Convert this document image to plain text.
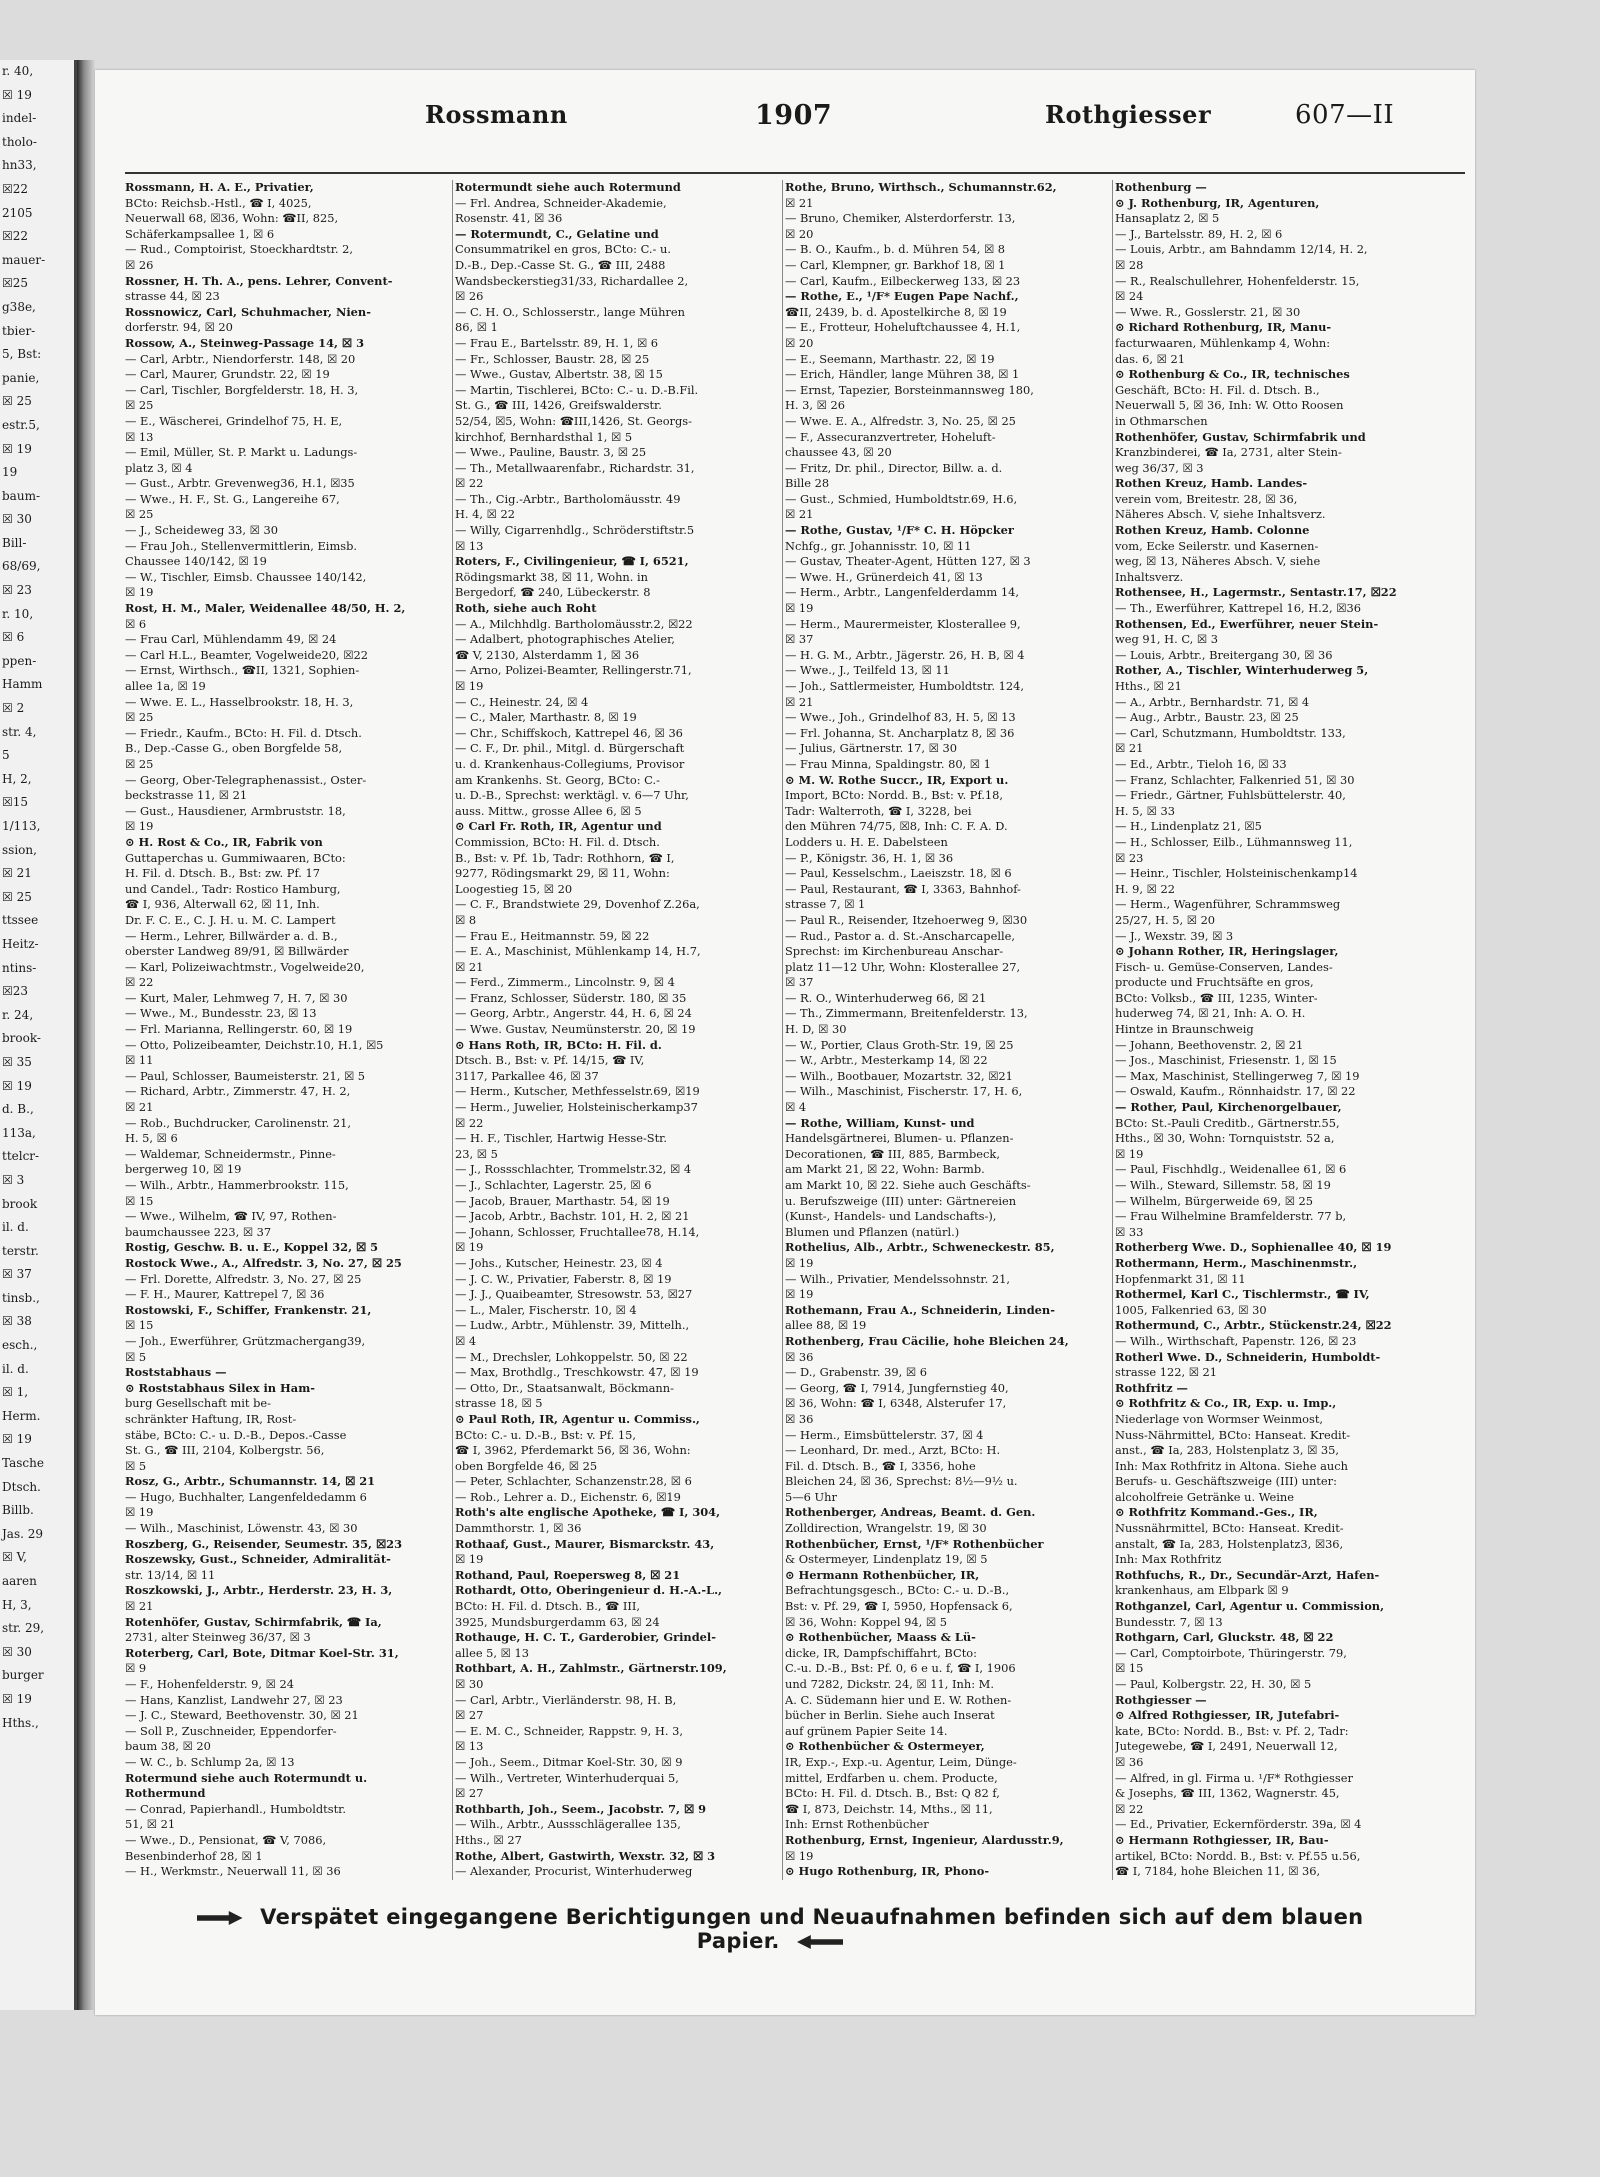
r. 40,
☒ 19
indel-
tholo-
hn33,
☒22
2105
☒22
mauer-
☒25
g38e,
tbier-
5, Bst:
panie,
☒ 25
estr.5,
☒ 19
19
baum-
☒ 30
Bill-
68/69,
☒ 23
r. 10,
☒ 6
ppen-
Hamm
☒ 2
str. 4,
5
H, 2,
☒15
1/113,
ssion,
☒ 21
☒ 25
ttssee
Heitz-
ntins-
☒23
r. 24,
brook-
☒ 35
☒ 19
d. B.,
113a,
ttelcr-
☒ 3
brook
il. d.
terstr.
☒ 37
tinsb.,
☒ 38
esch.,
il. d.
☒ 1,
Herm.
☒ 19
Tasche
Dtsch.
Billb.
Jas. 29
☒ V,
aaren
H, 3,
str. 29,
☒ 30
burger
☒ 19
Hths.,
Rossmann	1907	Rothgiesser	607—II
Rossmann, H. A. E., Privatier,
BCto: Reichsb.-Hstl., ☎ I, 4025,
Neuerwall 68, ☒36, Wohn: ☎II, 825,
Schäferkampsallee 1, ☒ 6
— Rud., Comptoirist, Stoeckhardtstr. 2,
☒ 26
Rossner, H. Th. A., pens. Lehrer, Convent-
strasse 44, ☒ 23
Rossnowicz, Carl, Schuhmacher, Nien-
dorferstr. 94, ☒ 20
Rossow, A., Steinweg-Passage 14, ☒ 3
— Carl, Arbtr., Niendorferstr. 148, ☒ 20
— Carl, Maurer, Grundstr. 22, ☒ 19
— Carl, Tischler, Borgfelderstr. 18, H. 3,
☒ 25
— E., Wäscherei, Grindelhof 75, H. E,
☒ 13
— Emil, Müller, St. P. Markt u. Ladungs-
platz 3, ☒ 4
— Gust., Arbtr. Grevenweg36, H.1, ☒35
— Wwe., H. F., St. G., Langereihe 67,
☒ 25
— J., Scheideweg 33, ☒ 30
— Frau Joh., Stellenvermittlerin, Eimsb.
Chaussee 140/142, ☒ 19
— W., Tischler, Eimsb. Chaussee 140/142,
☒ 19
Rost, H. M., Maler, Weidenallee 48/50, H. 2,
☒ 6
— Frau Carl, Mühlendamm 49, ☒ 24
— Carl H.L., Beamter, Vogelweide20, ☒22
— Ernst, Wirthsch., ☎II, 1321, Sophien-
allee 1a, ☒ 19
— Wwe. E. L., Hasselbrookstr. 18, H. 3,
☒ 25
— Friedr., Kaufm., BCto: H. Fil. d. Dtsch.
B., Dep.-Casse G., oben Borgfelde 58,
☒ 25
— Georg, Ober-Telegraphenassist., Oster-
beckstrasse 11, ☒ 21
— Gust., Hausdiener, Armbruststr. 18,
☒ 19
⊙ H. Rost & Co., IR, Fabrik von
Guttaperchas u. Gummiwaaren, BCto:
H. Fil. d. Dtsch. B., Bst: zw. Pf. 17
und Candel., Tadr: Rostico Hamburg,
☎ I, 936, Alterwall 62, ☒ 11, Inh.
Dr. F. C. E., C. J. H. u. M. C. Lampert
— Herm., Lehrer, Billwärder a. d. B.,
oberster Landweg 89/91, ☒ Billwärder
— Karl, Polizeiwachtmstr., Vogelweide20,
☒ 22
— Kurt, Maler, Lehmweg 7, H. 7, ☒ 30
— Wwe., M., Bundesstr. 23, ☒ 13
— Frl. Marianna, Rellingerstr. 60, ☒ 19
— Otto, Polizeibeamter, Deichstr.10, H.1, ☒5
☒ 11
— Paul, Schlosser, Baumeisterstr. 21, ☒ 5
— Richard, Arbtr., Zimmerstr. 47, H. 2,
☒ 21
— Rob., Buchdrucker, Carolinenstr. 21,
H. 5, ☒ 6
— Waldemar, Schneidermstr., Pinne-
bergerweg 10, ☒ 19
— Wilh., Arbtr., Hammerbrookstr. 115,
☒ 15
— Wwe., Wilhelm, ☎ IV, 97, Rothen-
baumchaussee 223, ☒ 37
Rostig, Geschw. B. u. E., Koppel 32, ☒ 5
Rostock Wwe., A., Alfredstr. 3, No. 27, ☒ 25
— Frl. Dorette, Alfredstr. 3, No. 27, ☒ 25
— F. H., Maurer, Kattrepel 7, ☒ 36
Rostowski, F., Schiffer, Frankenstr. 21,
☒ 15
— Joh., Ewerführer, Grützmachergang39,
☒ 5
Roststabhaus —
⊙ Roststabhaus Silex in Ham-
burg Gesellschaft mit be-
schränkter Haftung, IR, Rost-
stäbe, BCto: C.- u. D.-B., Depos.-Casse
St. G., ☎ III, 2104, Kolbergstr. 56,
☒ 5
Rosz, G., Arbtr., Schumannstr. 14, ☒ 21
— Hugo, Buchhalter, Langenfeldedamm 6
☒ 19
— Wilh., Maschinist, Löwenstr. 43, ☒ 30
Roszberg, G., Reisender, Seumestr. 35, ☒23
Roszewsky, Gust., Schneider, Admiralität-
str. 13/14, ☒ 11
Roszkowski, J., Arbtr., Herderstr. 23, H. 3,
☒ 21
Rotenhöfer, Gustav, Schirmfabrik, ☎ Ia,
2731, alter Steinweg 36/37, ☒ 3
Roterberg, Carl, Bote, Ditmar Koel-Str. 31,
☒ 9
— F., Hohenfelderstr. 9, ☒ 24
— Hans, Kanzlist, Landwehr 27, ☒ 23
— J. C., Steward, Beethovenstr. 30, ☒ 21
— Soll P., Zuschneider, Eppendorfer-
baum 38, ☒ 20
— W. C., b. Schlump 2a, ☒ 13
Rotermund siehe auch Rotermundt u.
Rothermund
— Conrad, Papierhandl., Humboldtstr.
51, ☒ 21
— Wwe., D., Pensionat, ☎ V, 7086,
Besenbinderhof 28, ☒ 1
— H., Werkmstr., Neuerwall 11, ☒ 36
Rotermundt siehe auch Rotermund
— Frl. Andrea, Schneider-Akademie,
Rosenstr. 41, ☒ 36
— Rotermundt, C., Gelatine und
Consummatrikel en gros, BCto: C.- u.
D.-B., Dep.-Casse St. G., ☎ III, 2488
Wandsbeckerstieg31/33, Richardallee 2,
☒ 26
— C. H. O., Schlosserstr., lange Mühren
86, ☒ 1
— Frau E., Bartelsstr. 89, H. 1, ☒ 6
— Fr., Schlosser, Baustr. 28, ☒ 25
— Wwe., Gustav, Albertstr. 38, ☒ 15
— Martin, Tischlerei, BCto: C.- u. D.-B.Fil.
St. G., ☎ III, 1426, Greifswalderstr.
52/54, ☒5, Wohn: ☎III,1426, St. Georgs-
kirchhof, Bernhardsthal 1, ☒ 5
— Wwe., Pauline, Baustr. 3, ☒ 25
— Th., Metallwaarenfabr., Richardstr. 31,
☒ 22
— Th., Cig.-Arbtr., Bartholomäusstr. 49
H. 4, ☒ 22
— Willy, Cigarrenhdlg., Schröderstiftstr.5
☒ 13
Roters, F., Civilingenieur, ☎ I, 6521,
Rödingsmarkt 38, ☒ 11, Wohn. in
Bergedorf, ☎ 240, Lübeckerstr. 8
Roth, siehe auch Roht
— A., Milchhdlg. Bartholomäusstr.2, ☒22
— Adalbert, photographisches Atelier,
☎ V, 2130, Alsterdamm 1, ☒ 36
— Arno, Polizei-Beamter, Rellingerstr.71,
☒ 19
— C., Heinestr. 24, ☒ 4
— C., Maler, Marthastr. 8, ☒ 19
— Chr., Schiffskoch, Kattrepel 46, ☒ 36
— C. F., Dr. phil., Mitgl. d. Bürgerschaft
u. d. Krankenhaus-Collegiums, Provisor
am Krankenhs. St. Georg, BCto: C.-
u. D.-B., Sprechst: werktägl. v. 6—7 Uhr,
auss. Mittw., grosse Allee 6, ☒ 5
⊙ Carl Fr. Roth, IR, Agentur und
Commission, BCto: H. Fil. d. Dtsch.
B., Bst: v. Pf. 1b, Tadr: Rothhorn, ☎ I,
9277, Rödingsmarkt 29, ☒ 11, Wohn:
Loogestieg 15, ☒ 20
— C. F., Brandstwiete 29, Dovenhof Z.26a,
☒ 8
— Frau E., Heitmannstr. 59, ☒ 22
— E. A., Maschinist, Mühlenkamp 14, H.7,
☒ 21
— Ferd., Zimmerm., Lincolnstr. 9, ☒ 4
— Franz, Schlosser, Süderstr. 180, ☒ 35
— Georg, Arbtr., Angerstr. 44, H. 6, ☒ 24
— Wwe. Gustav, Neumünsterstr. 20, ☒ 19
⊙ Hans Roth, IR, BCto: H. Fil. d.
Dtsch. B., Bst: v. Pf. 14/15, ☎ IV,
3117, Parkallee 46, ☒ 37
— Herm., Kutscher, Methfesselstr.69, ☒19
— Herm., Juwelier, Holsteinischerkamp37
☒ 22
— H. F., Tischler, Hartwig Hesse-Str.
23, ☒ 5
— J., Rossschlachter, Trommelstr.32, ☒ 4
— J., Schlachter, Lagerstr. 25, ☒ 6
— Jacob, Brauer, Marthastr. 54, ☒ 19
— Jacob, Arbtr., Bachstr. 101, H. 2, ☒ 21
— Johann, Schlosser, Fruchtallee78, H.14,
☒ 19
— Johs., Kutscher, Heinestr. 23, ☒ 4
— J. C. W., Privatier, Faberstr. 8, ☒ 19
— J. J., Quaibeamter, Stresowstr. 53, ☒27
— L., Maler, Fischerstr. 10, ☒ 4
— Ludw., Arbtr., Mühlenstr. 39, Mittelh.,
☒ 4
— M., Drechsler, Lohkoppelstr. 50, ☒ 22
— Max, Brothdlg., Treschkowstr. 47, ☒ 19
— Otto, Dr., Staatsanwalt, Böckmann-
strasse 18, ☒ 5
⊙ Paul Roth, IR, Agentur u. Commiss.,
BCto: C.- u. D.-B., Bst: v. Pf. 15,
☎ I, 3962, Pferdemarkt 56, ☒ 36, Wohn:
oben Borgfelde 46, ☒ 25
— Peter, Schlachter, Schanzenstr.28, ☒ 6
— Rob., Lehrer a. D., Eichenstr. 6, ☒19
Roth's alte englische Apotheke, ☎ I, 304,
Dammthorstr. 1, ☒ 36
Rothaaf, Gust., Maurer, Bismarckstr. 43,
☒ 19
Rothand, Paul, Roepersweg 8, ☒ 21
Rothardt, Otto, Oberingenieur d. H.-A.-L.,
BCto: H. Fil. d. Dtsch. B., ☎ III,
3925, Mundsburgerdamm 63, ☒ 24
Rothauge, H. C. T., Garderobier, Grindel-
allee 5, ☒ 13
Rothbart, A. H., Zahlmstr., Gärtnerstr.109,
☒ 30
— Carl, Arbtr., Vierländerstr. 98, H. B,
☒ 27
— E. M. C., Schneider, Rappstr. 9, H. 3,
☒ 13
— Joh., Seem., Ditmar Koel-Str. 30, ☒ 9
— Wilh., Vertreter, Winterhuderquai 5,
☒ 27
Rothbarth, Joh., Seem., Jacobstr. 7, ☒ 9
— Wilh., Arbtr., Aussschlägerallee 135,
Hths., ☒ 27
Rothe, Albert, Gastwirth, Wexstr. 32, ☒ 3
— Alexander, Procurist, Winterhuderweg
Rothe, Bruno, Wirthsch., Schumannstr.62,
☒ 21
— Bruno, Chemiker, Alsterdorferstr. 13,
☒ 20
— B. O., Kaufm., b. d. Mühren 54, ☒ 8
— Carl, Klempner, gr. Barkhof 18, ☒ 1
— Carl, Kaufm., Eilbeckerweg 133, ☒ 23
— Rothe, E., ¹/F* Eugen Pape Nachf.,
☎II, 2439, b. d. Apostelkirche 8, ☒ 19
— E., Frotteur, Hoheluftchaussee 4, H.1,
☒ 20
— E., Seemann, Marthastr. 22, ☒ 19
— Erich, Händler, lange Mühren 38, ☒ 1
— Ernst, Tapezier, Borsteinmannsweg 180,
H. 3, ☒ 26
— Wwe. E. A., Alfredstr. 3, No. 25, ☒ 25
— F., Assecuranzvertreter, Hoheluft-
chaussee 43, ☒ 20
— Fritz, Dr. phil., Director, Billw. a. d.
Bille 28
— Gust., Schmied, Humboldtstr.69, H.6,
☒ 21
— Rothe, Gustav, ¹/F* C. H. Höpcker
Nchfg., gr. Johannisstr. 10, ☒ 11
— Gustav, Theater-Agent, Hütten 127, ☒ 3
— Wwe. H., Grünerdeich 41, ☒ 13
— Herm., Arbtr., Langenfelderdamm 14,
☒ 19
— Herm., Maurermeister, Klosterallee 9,
☒ 37
— H. G. M., Arbtr., Jägerstr. 26, H. B, ☒ 4
— Wwe., J., Teilfeld 13, ☒ 11
— Joh., Sattlermeister, Humboldtstr. 124,
☒ 21
— Wwe., Joh., Grindelhof 83, H. 5, ☒ 13
— Frl. Johanna, St. Ancharplatz 8, ☒ 36
— Julius, Gärtnerstr. 17, ☒ 30
— Frau Minna, Spaldingstr. 80, ☒ 1
⊙ M. W. Rothe Succr., IR, Export u.
Import, BCto: Nordd. B., Bst: v. Pf.18,
Tadr: Walterroth, ☎ I, 3228, bei
den Mühren 74/75, ☒8, Inh: C. F. A. D.
Lodders u. H. E. Dabelsteen
— P., Königstr. 36, H. 1, ☒ 36
— Paul, Kesselschm., Laeiszstr. 18, ☒ 6
— Paul, Restaurant, ☎ I, 3363, Bahnhof-
strasse 7, ☒ 1
— Paul R., Reisender, Itzehoerweg 9, ☒30
— Rud., Pastor a. d. St.-Anscharcapelle,
Sprechst: im Kirchenbureau Anschar-
platz 11—12 Uhr, Wohn: Klosterallee 27,
☒ 37
— R. O., Winterhuderweg 66, ☒ 21
— Th., Zimmermann, Breitenfelderstr. 13,
H. D, ☒ 30
— W., Portier, Claus Groth-Str. 19, ☒ 25
— W., Arbtr., Mesterkamp 14, ☒ 22
— Wilh., Bootbauer, Mozartstr. 32, ☒21
— Wilh., Maschinist, Fischerstr. 17, H. 6,
☒ 4
— Rothe, William, Kunst- und
Handelsgärtnerei, Blumen- u. Pflanzen-
Decorationen, ☎ III, 885, Barmbeck,
am Markt 21, ☒ 22, Wohn: Barmb.
am Markt 10, ☒ 22. Siehe auch Geschäfts-
u. Berufszweige (III) unter: Gärtnereien
(Kunst-, Handels- und Landschafts-),
Blumen und Pflanzen (natürl.)
Rothelius, Alb., Arbtr., Schweneckestr. 85,
☒ 19
— Wilh., Privatier, Mendelssohnstr. 21,
☒ 19
Rothemann, Frau A., Schneiderin, Linden-
allee 88, ☒ 19
Rothenberg, Frau Cäcilie, hohe Bleichen 24,
☒ 36
— D., Grabenstr. 39, ☒ 6
— Georg, ☎ I, 7914, Jungfernstieg 40,
☒ 36, Wohn: ☎ I, 6348, Alsterufer 17,
☒ 36
— Herm., Eimsbüttelerstr. 37, ☒ 4
— Leonhard, Dr. med., Arzt, BCto: H.
Fil. d. Dtsch. B., ☎ I, 3356, hohe
Bleichen 24, ☒ 36, Sprechst: 8½—9½ u.
5—6 Uhr
Rothenberger, Andreas, Beamt. d. Gen.
Zolldirection, Wrangelstr. 19, ☒ 30
Rothenbücher, Ernst, ¹/F* Rothenbücher
& Ostermeyer, Lindenplatz 19, ☒ 5
⊙ Hermann Rothenbücher, IR,
Befrachtungsgesch., BCto: C.- u. D.-B.,
Bst: v. Pf. 29, ☎ I, 5950, Hopfensack 6,
☒ 36, Wohn: Koppel 94, ☒ 5
⊙ Rothenbücher, Maass & Lü-
dicke, IR, Dampfschiffahrt, BCto:
C.-u. D.-B., Bst: Pf. 0, 6 e u. f, ☎ I, 1906
und 7282, Dickstr. 24, ☒ 11, Inh: M.
A. C. Südemann hier und E. W. Rothen-
bücher in Berlin. Siehe auch Inserat
auf grünem Papier Seite 14.
⊙ Rothenbücher & Ostermeyer,
IR, Exp.-, Exp.-u. Agentur, Leim, Dünge-
mittel, Erdfarben u. chem. Producte,
BCto: H. Fil. d. Dtsch. B., Bst: Q 82 f,
☎ I, 873, Deichstr. 14, Mths., ☒ 11,
Inh: Ernst Rothenbücher
Rothenburg, Ernst, Ingenieur, Alardusstr.9,
☒ 19
⊙ Hugo Rothenburg, IR, Phono-
Rothenburg —
⊙ J. Rothenburg, IR, Agenturen,
Hansaplatz 2, ☒ 5
— J., Bartelsstr. 89, H. 2, ☒ 6
— Louis, Arbtr., am Bahndamm 12/14, H. 2,
☒ 28
— R., Realschullehrer, Hohenfelderstr. 15,
☒ 24
— Wwe. R., Gosslerstr. 21, ☒ 30
⊙ Richard Rothenburg, IR, Manu-
facturwaaren, Mühlenkamp 4, Wohn:
das. 6, ☒ 21
⊙ Rothenburg & Co., IR, technisches
Geschäft, BCto: H. Fil. d. Dtsch. B.,
Neuerwall 5, ☒ 36, Inh: W. Otto Roosen
in Othmarschen
Rothenhöfer, Gustav, Schirmfabrik und
Kranzbinderei, ☎ Ia, 2731, alter Stein-
weg 36/37, ☒ 3
Rothen Kreuz, Hamb. Landes-
verein vom, Breitestr. 28, ☒ 36,
Näheres Absch. V, siehe Inhaltsverz.
Rothen Kreuz, Hamb. Colonne
vom, Ecke Seilerstr. und Kasernen-
weg, ☒ 13, Näheres Absch. V, siehe
Inhaltsverz.
Rothensee, H., Lagermstr., Sentastr.17, ☒22
— Th., Ewerführer, Kattrepel 16, H.2, ☒36
Rothensen, Ed., Ewerführer, neuer Stein-
weg 91, H. C, ☒ 3
— Louis, Arbtr., Breitergang 30, ☒ 36
Rother, A., Tischler, Winterhuderweg 5,
Hths., ☒ 21
— A., Arbtr., Bernhardstr. 71, ☒ 4
— Aug., Arbtr., Baustr. 23, ☒ 25
— Carl, Schutzmann, Humboldtstr. 133,
☒ 21
— Ed., Arbtr., Tieloh 16, ☒ 33
— Franz, Schlachter, Falkenried 51, ☒ 30
— Friedr., Gärtner, Fuhlsbüttelerstr. 40,
H. 5, ☒ 33
— H., Lindenplatz 21, ☒5
— H., Schlosser, Eilb., Lühmannsweg 11,
☒ 23
— Heinr., Tischler, Holsteinischenkamp14
H. 9, ☒ 22
— Herm., Wagenführer, Schrammsweg
25/27, H. 5, ☒ 20
— J., Wexstr. 39, ☒ 3
⊙ Johann Rother, IR, Heringslager,
Fisch- u. Gemüse-Conserven, Landes-
producte und Fruchtsäfte en gros,
BCto: Volksb., ☎ III, 1235, Winter-
huderweg 74, ☒ 21, Inh: A. O. H.
Hintze in Braunschweig
— Johann, Beethovenstr. 2, ☒ 21
— Jos., Maschinist, Friesenstr. 1, ☒ 15
— Max, Maschinist, Stellingerweg 7, ☒ 19
— Oswald, Kaufm., Rönnhaidstr. 17, ☒ 22
— Rother, Paul, Kirchenorgelbauer,
BCto: St.-Pauli Creditb., Gärtnerstr.55,
Hths., ☒ 30, Wohn: Tornquiststr. 52 a,
☒ 19
— Paul, Fischhdlg., Weidenallee 61, ☒ 6
— Wilh., Steward, Sillemstr. 58, ☒ 19
— Wilhelm, Bürgerweide 69, ☒ 25
— Frau Wilhelmine Bramfelderstr. 77 b,
☒ 33
Rotherberg Wwe. D., Sophienallee 40, ☒ 19
Rothermann, Herm., Maschinenmstr.,
Hopfenmarkt 31, ☒ 11
Rothermel, Karl C., Tischlermstr., ☎ IV,
1005, Falkenried 63, ☒ 30
Rothermund, C., Arbtr., Stückenstr.24, ☒22
— Wilh., Wirthschaft, Papenstr. 126, ☒ 23
Rotherl Wwe. D., Schneiderin, Humboldt-
strasse 122, ☒ 21
Rothfritz —
⊙ Rothfritz & Co., IR, Exp. u. Imp.,
Niederlage von Wormser Weinmost,
Nuss-Nährmittel, BCto: Hanseat. Kredit-
anst., ☎ Ia, 283, Holstenplatz 3, ☒ 35,
Inh: Max Rothfritz in Altona. Siehe auch
Berufs- u. Geschäftszweige (III) unter:
alcoholfreie Getränke u. Weine
⊙ Rothfritz Kommand.-Ges., IR,
Nussnährmittel, BCto: Hanseat. Kredit-
anstalt, ☎ Ia, 283, Holstenplatz3, ☒36,
Inh: Max Rothfritz
Rothfuchs, R., Dr., Secundär-Arzt, Hafen-
krankenhaus, am Elbpark ☒ 9
Rothganzel, Carl, Agentur u. Commission,
Bundesstr. 7, ☒ 13
Rothgarn, Carl, Gluckstr. 48, ☒ 22
— Carl, Comptoirbote, Thüringerstr. 79,
☒ 15
— Paul, Kolbergstr. 22, H. 30, ☒ 5
Rothgiesser —
⊙ Alfred Rothgiesser, IR, Jutefabri-
kate, BCto: Nordd. B., Bst: v. Pf. 2, Tadr:
Jutegewebe, ☎ I, 2491, Neuerwall 12,
☒ 36
— Alfred, in gl. Firma u. ¹/F* Rothgiesser
& Josephs, ☎ III, 1362, Wagnerstr. 45,
☒ 22
— Ed., Privatier, Eckernförderstr. 39a, ☒ 4
⊙ Hermann Rothgiesser, IR, Bau-
artikel, BCto: Nordd. B., Bst: v. Pf.55 u.56,
☎ I, 7184, hohe Bleichen 11, ☒ 36,
Verspätet eingegangene Berichtigungen und Neuaufnahmen befinden sich auf dem blauen Papier.
